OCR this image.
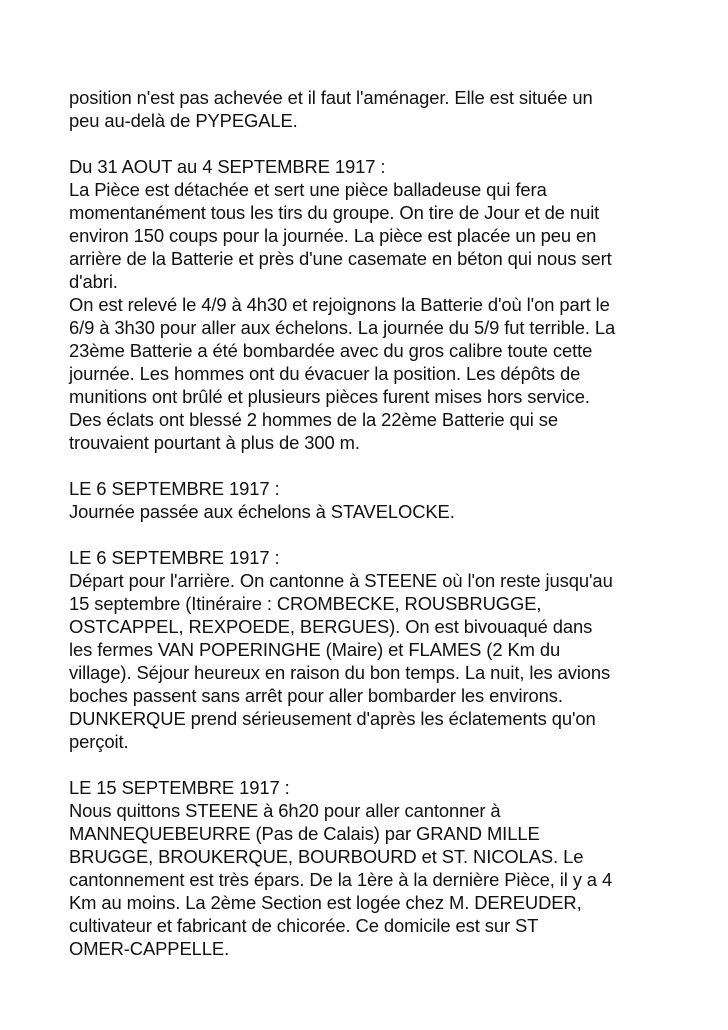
position n'est pas achevée et il faut l'aménager. Elle est située un
peu au-delà de PYPEGALE.
Du 31 AOUT au 4 SEPTEMBRE 1917 :
La Pièce est détachée et sert une pièce balladeuse qui fera
momentanément tous les tirs du groupe. On tire de Jour et de nuit
environ 150 coups pour la journée. La pièce est placée un peu en
arrière de la Batterie et près d'une casemate en béton qui nous sert
d'abri.
On est relevé le 4/9 à 4h30 et rejoignons la Batterie d'où l'on part le
6/9 à 3h30 pour aller aux échelons. La journée du 5/9 fut terrible. La
23ème Batterie a été bombardée avec du gros calibre toute cette
journée. Les hommes ont du évacuer la position. Les dépôts de
munitions ont brûlé et plusieurs pièces furent mises hors service.
Des éclats ont blessé 2 hommes de la 22ème Batterie qui se
trouvaient pourtant à plus de 300 m.
LE 6 SEPTEMBRE 1917 :
Journée passée aux échelons à STAVELOCKE.
LE 6 SEPTEMBRE 1917 :
Départ pour l'arrière. On cantonne à STEENE où l'on reste jusqu'au
15 septembre (Itinéraire : CROMBECKE, ROUSBRUGGE,
OSTCAPPEL, REXPOEDE, BERGUES). On est bivouaqué dans
les fermes VAN POPERINGHE (Maire) et FLAMES (2 Km du
village). Séjour heureux en raison du bon temps. La nuit, les avions
boches passent sans arrêt pour aller bombarder les environs.
DUNKERQUE prend sérieusement d'après les éclatements qu'on
perçoit.
LE 15 SEPTEMBRE 1917 :
Nous quittons STEENE à 6h20 pour aller cantonner à
MANNEQUEBEURRE (Pas de Calais) par GRAND MILLE
BRUGGE, BROUKERQUE, BOURBOURD et ST. NICOLAS. Le
cantonnement est très épars. De la 1ère à la dernière Pièce, il y a 4
Km au moins. La 2ème Section est logée chez M. DEREUDER,
cultivateur et fabricant de chicorée. Ce domicile est sur ST
OMER-CAPPELLE.
